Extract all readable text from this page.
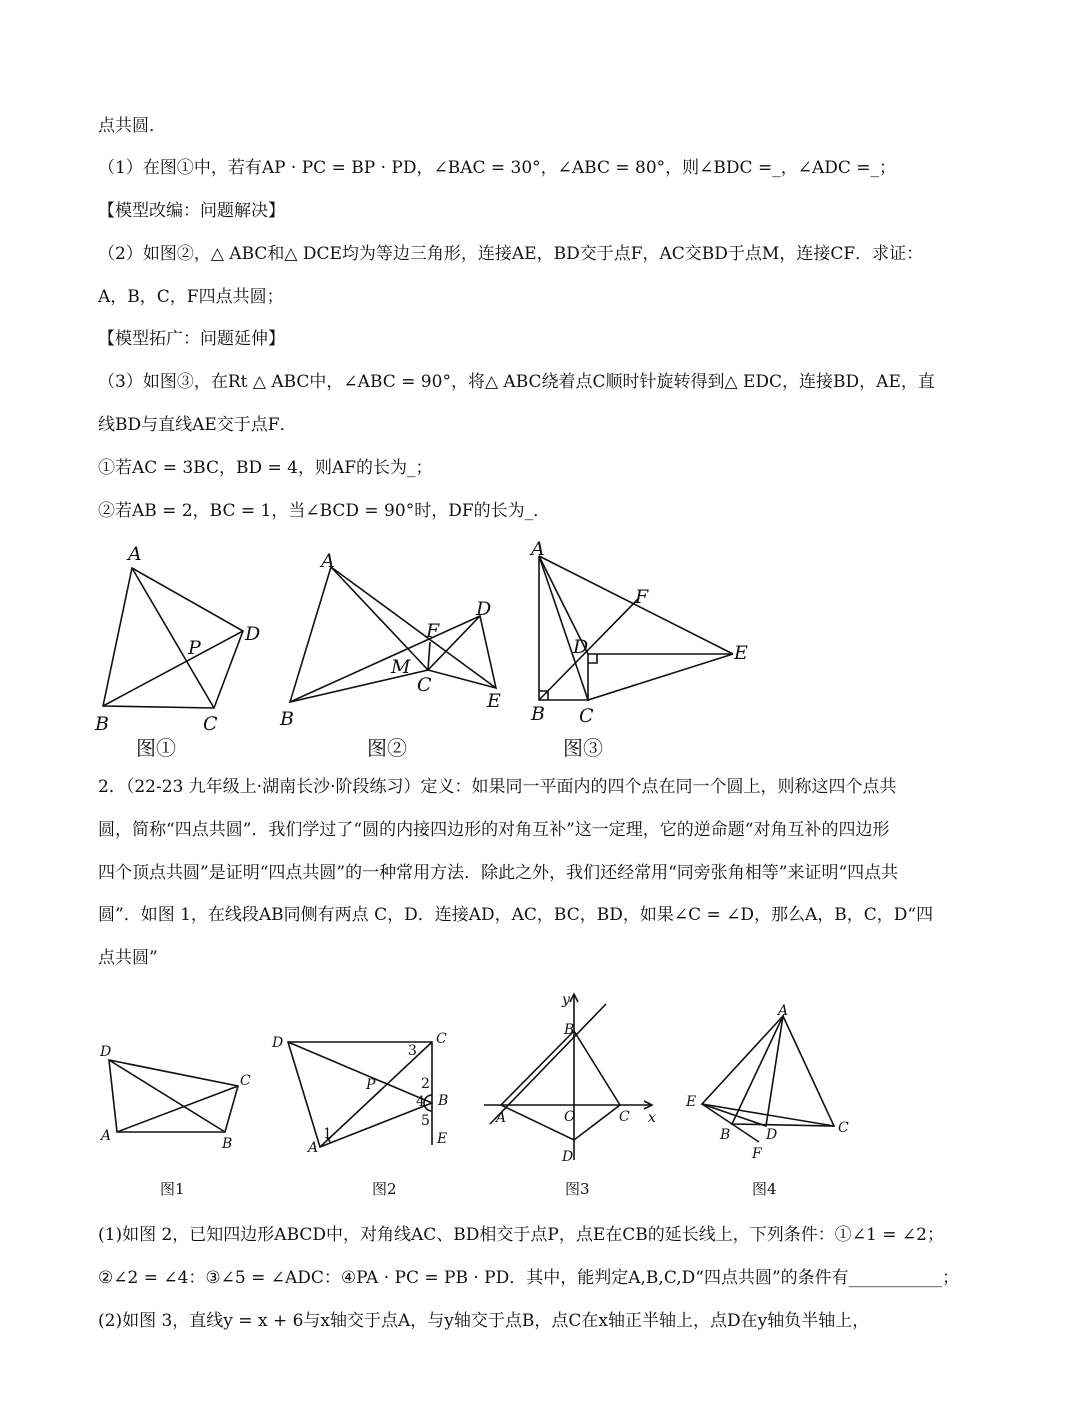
点共圆．
（1）在图①中，若有AP · PC = BP · PD，∠BAC = 30°，∠ABC = 80°，则∠BDC =_，∠ADC =_；
【模型改编：问题解决】
（2）如图②，△ ABC和△ DCE均为等边三角形，连接AE，BD交于点F，AC交BD于点M，连接CF．求证：
A，B，C，F四点共圆；
【模型拓广：问题延伸】
（3）如图③，在Rt △ ABC中，∠ABC = 90°，将△ ABC绕着点C顺时针旋转得到△ EDC，连接BD，AE，直
线BD与直线AE交于点F．
①若AC = 3BC，BD = 4，则AF的长为_；
②若AB = 2，BC = 1，当∠BCD = 90°时，DF的长为_．
A
B	C
D
P
图①
A
B
C
D
E
F
M
图②
A
B C
D	E
F
图③
2．（22-23 九年级上·湖南长沙·阶段练习）定义：如果同一平面内的四个点在同一个圆上，则称这四个点共
圆，简称“四点共圆”．我们学过了“圆的内接四边形的对角互补”这一定理，它的逆命题“对角互补的四边形
四个顶点共圆”是证明“四点共圆”的一种常用方法．除此之外，我们还经常用“同旁张角相等”来证明“四点共
圆”．如图 1，在线段AB同侧有两点 C，D．连接AD，AC，BC，BD，如果∠C = ∠D，那么A，B，C，D“四
点共圆”
D
A	B
C
图1
D	C
A
B
E
P
1
2
3
4
5
图2
y
x
B
A	O	C
D
图3
A
E
B	D	C
F
图4
(1)如图 2，已知四边形ABCD中，对角线AC、BD相交于点P，点E在CB的延长线上，下列条件：①∠1 = ∠2；
②∠2 = ∠4：③∠5 = ∠ADC：④PA · PC = PB · PD．其中，能判定A,B,C,D“四点共圆”的条件有___________；
(2)如图 3，直线y = x + 6与x轴交于点A，与y轴交于点B，点C在x轴正半轴上，点D在y轴负半轴上，
